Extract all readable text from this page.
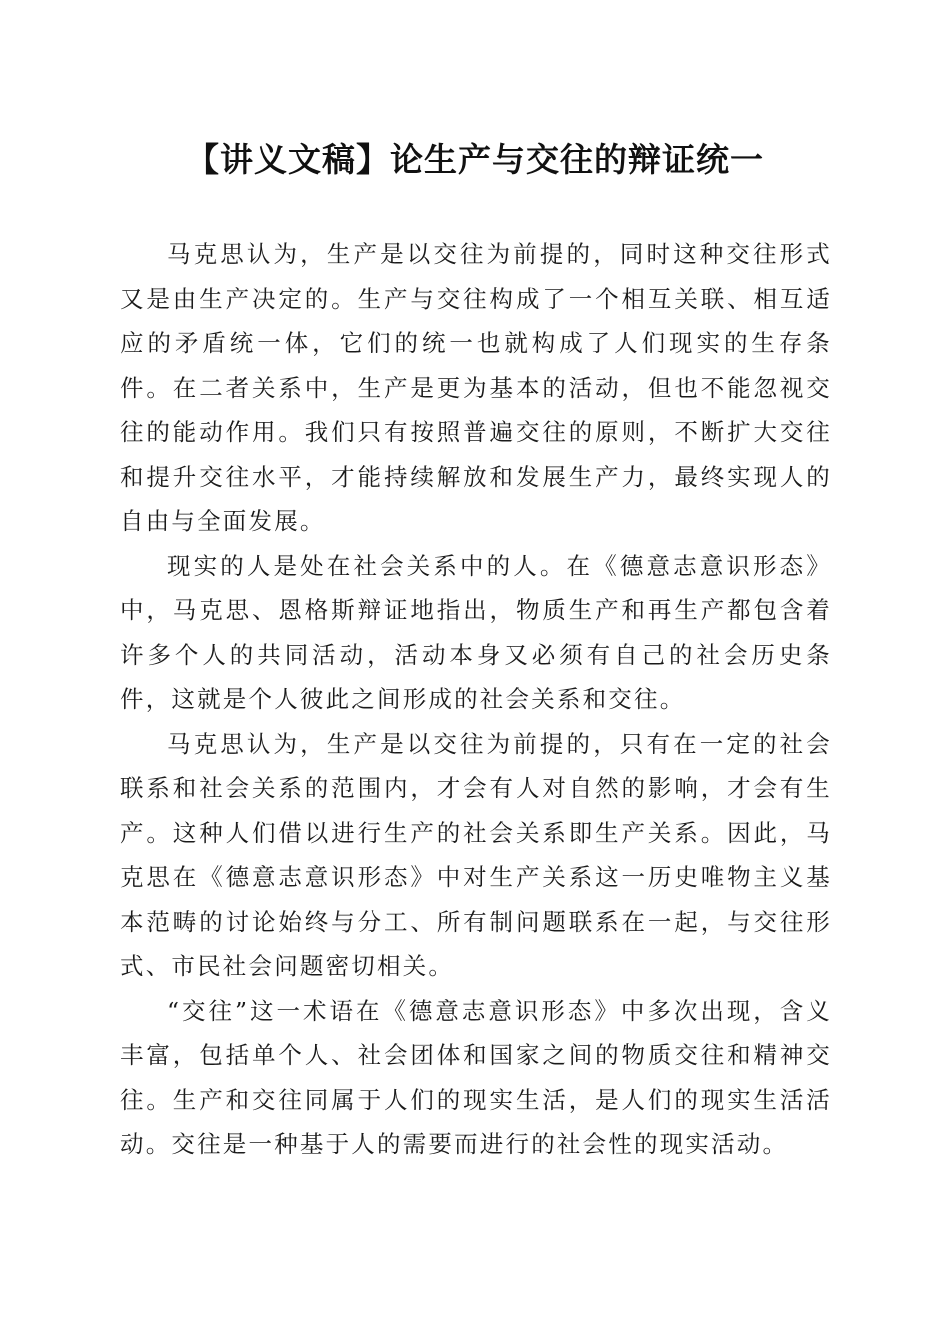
【讲义文稿】论生产与交往的辩证统一

马克思认为，生产是以交往为前提的，同时这种交往形式又是由生产决定的。生产与交往构成了一个相互关联、相互适应的矛盾统一体，它们的统一也就构成了人们现实的生存条件。在二者关系中，生产是更为基本的活动，但也不能忽视交往的能动作用。我们只有按照普遍交往的原则，不断扩大交往和提升交往水平，才能持续解放和发展生产力，最终实现人的自由与全面发展。

现实的人是处在社会关系中的人。在《德意志意识形态》中，马克思、恩格斯辩证地指出，物质生产和再生产都包含着许多个人的共同活动，活动本身又必须有自己的社会历史条件，这就是个人彼此之间形成的社会关系和交往。

马克思认为，生产是以交往为前提的，只有在一定的社会联系和社会关系的范围内，才会有人对自然的影响，才会有生产。这种人们借以进行生产的社会关系即生产关系。因此，马克思在《德意志意识形态》中对生产关系这一历史唯物主义基本范畴的讨论始终与分工、所有制问题联系在一起，与交往形式、市民社会问题密切相关。

“交往”这一术语在《德意志意识形态》中多次出现，含义丰富，包括单个人、社会团体和国家之间的物质交往和精神交往。生产和交往同属于人们的现实生活，是人们的现实生活活动。交往是一种基于人的需要而进行的社会性的现实活动。
